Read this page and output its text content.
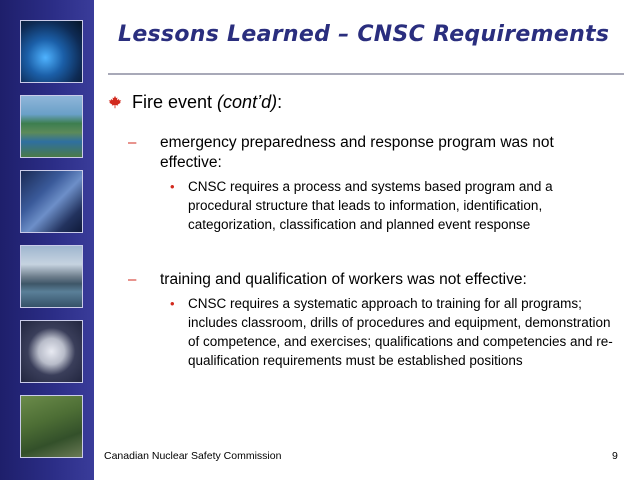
Lessons Learned – CNSC Requirements
Fire event (cont’d):
– emergency preparedness and response program was not effective:
• CNSC requires a process and systems based program and a procedural structure that leads to information, identification, categorization, classification and planned event response
– training and qualification of workers was not effective:
• CNSC requires a systematic approach to training for all programs; includes classroom, drills of procedures and equipment, demonstration of competence, and exercises; qualifications and competencies and re-qualification requirements must be established positions
Canadian Nuclear Safety Commission	9
